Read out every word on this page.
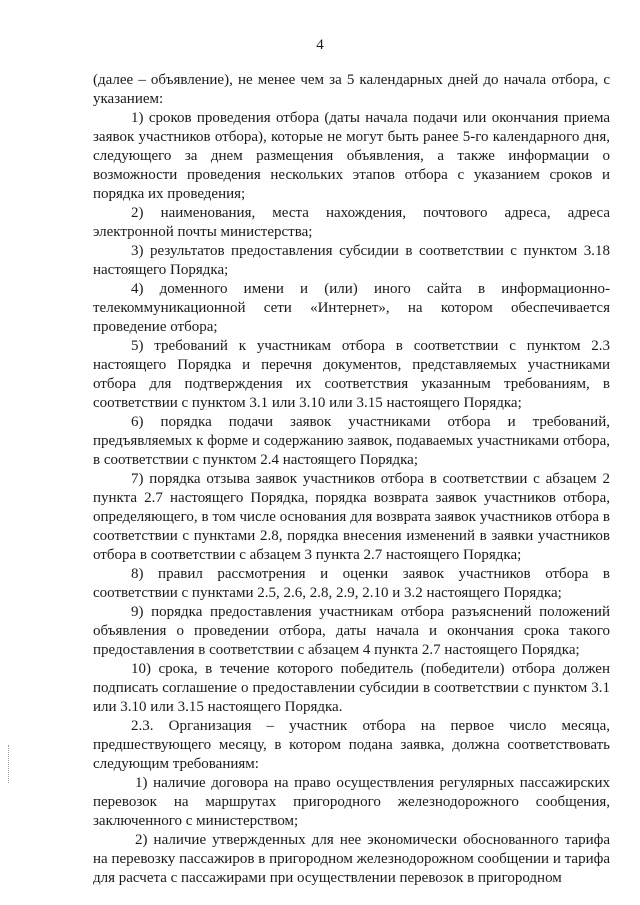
4

(далее – объявление), не менее чем за 5 календарных дней до начала отбора, с указанием:

1) сроков проведения отбора (даты начала подачи или окончания приема заявок участников отбора), которые не могут быть ранее 5-го календарного дня, следующего за днем размещения объявления, а также информации о возможности проведения нескольких этапов отбора с указанием сроков и порядка их проведения;

2) наименования, места нахождения, почтового адреса, адреса электронной почты министерства;

3) результатов предоставления субсидии в соответствии с пунктом 3.18 настоящего Порядка;

4) доменного имени и (или) иного сайта в информационно-телекоммуникационной сети «Интернет», на котором обеспечивается проведение отбора;

5) требований к участникам отбора в соответствии с пунктом 2.3 настоящего Порядка и перечня документов, представляемых участниками отбора для подтверждения их соответствия указанным требованиям, в соответствии с пунктом 3.1 или 3.10 или 3.15 настоящего Порядка;

6) порядка подачи заявок участниками отбора и требований, предъявляемых к форме и содержанию заявок, подаваемых участниками отбора, в соответствии с пунктом 2.4 настоящего Порядка;

7) порядка отзыва заявок участников отбора в соответствии с абзацем 2 пункта 2.7 настоящего Порядка, порядка возврата заявок участников отбора, определяющего, в том числе основания для возврата заявок участников отбора в соответствии с пунктами 2.8, порядка внесения изменений в заявки участников отбора в соответствии с абзацем 3 пункта 2.7 настоящего Порядка;

8) правил рассмотрения и оценки заявок участников отбора в соответствии с пунктами 2.5, 2.6, 2.8, 2.9, 2.10 и 3.2 настоящего Порядка;

9) порядка предоставления участникам отбора разъяснений положений объявления о проведении отбора, даты начала и окончания срока такого предоставления в соответствии с абзацем 4 пункта 2.7 настоящего Порядка;

10) срока, в течение которого победитель (победители) отбора должен подписать соглашение о предоставлении субсидии в соответствии с пунктом 3.1 или 3.10 или 3.15 настоящего Порядка.

2.3. Организация – участник отбора на первое число месяца, предшествующего месяцу, в котором подана заявка, должна соответствовать следующим требованиям:

1) наличие договора на право осуществления регулярных пассажирских перевозок на маршрутах пригородного железнодорожного сообщения, заключенного с министерством;

2) наличие утвержденных для нее экономически обоснованного тарифа на перевозку пассажиров в пригородном железнодорожном сообщении и тарифа для расчета с пассажирами при осуществлении перевозок в пригородном
